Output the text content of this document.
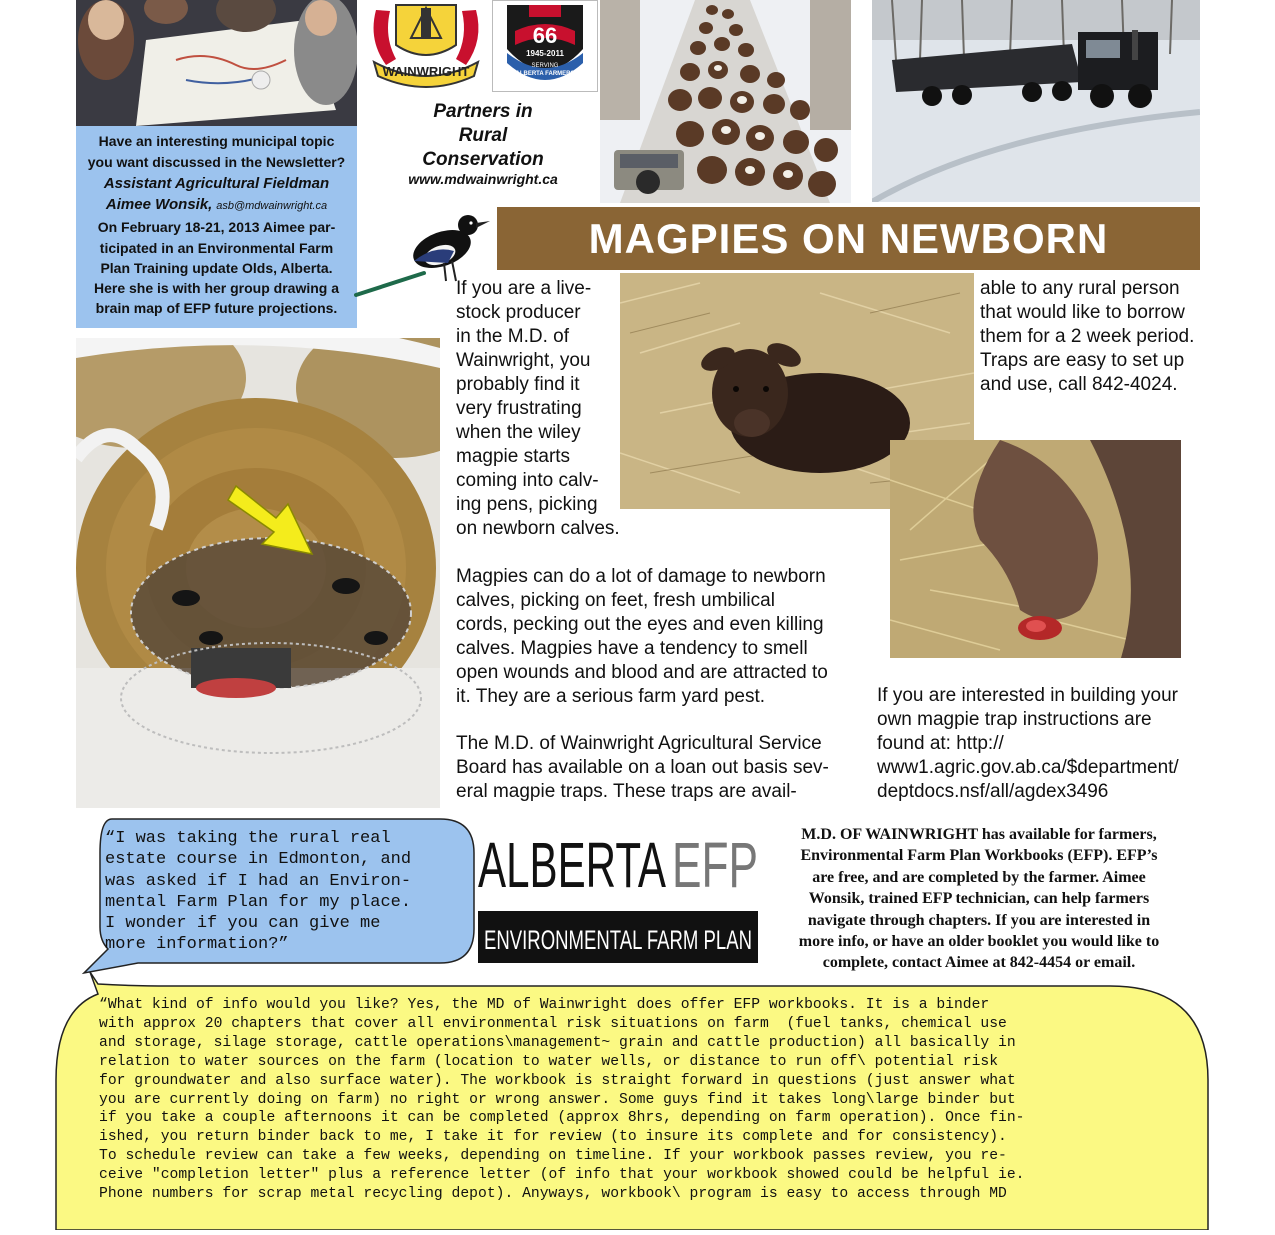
Have an interesting municipal topic
you want discussed in the Newsletter?
Assistant Agricultural Fieldman
Aimee Wonsik, asb@mdwainwright.ca
On February 18-21, 2013 Aimee par-
ticipated in an Environmental Farm
Plan Training update Olds, Alberta.
Here she is with her group drawing a
brain map of EFP future projections.
WAINWRIGHT
66
1945-2011
SERVING
ALBERTA FARMERS
Partners in
Rural
Conservation
www.mdwainwright.ca
MAGPIES ON NEWBORN
If you are a live-
stock producer
in the M.D. of
Wainwright, you
probably find it
very frustrating
when the wiley
magpie starts
coming into calv-
ing pens, picking
on newborn calves.
able to any rural person
that would like to borrow
them for a 2 week period.
Traps are easy to set up
and use, call 842-4024.
Magpies can do a lot of damage to newborn
calves, picking on feet, fresh umbilical
cords, pecking out the eyes and even killing
calves. Magpies have a tendency to smell
open wounds and blood and are attracted to
it. They are a serious farm yard pest.
The M.D. of Wainwright Agricultural Service
Board has available on a loan out basis sev-
eral magpie traps. These traps are avail-
If you are interested in building your
own magpie trap instructions are
found at: http://
www1.agric.gov.ab.ca/$department/
deptdocs.nsf/all/agdex3496
“I was taking the rural real
estate course in Edmonton, and
was asked if I had an Environ-
mental Farm Plan for my place.
I wonder if you can give me
more information?”
ALBERTA EFP
ENVIRONMENTAL FARM PLAN
M.D. OF WAINWRIGHT has available for farmers,
Environmental Farm Plan Workbooks (EFP). EFP’s
are free, and are completed by the farmer. Aimee
Wonsik, trained EFP technician, can help farmers
navigate through chapters. If you are interested in
more info, or have an older booklet you would like to
complete, contact Aimee at 842-4454 or email.
“What kind of info would you like? Yes, the MD of Wainwright does offer EFP workbooks. It is a binder
with approx 20 chapters that cover all environmental risk situations on farm  (fuel tanks, chemical use
and storage, silage storage, cattle operations\management~ grain and cattle production) all basically in
relation to water sources on the farm (location to water wells, or distance to run off\ potential risk
for groundwater and also surface water). The workbook is straight forward in questions (just answer what
you are currently doing on farm) no right or wrong answer. Some guys find it takes long\large binder but
if you take a couple afternoons it can be completed (approx 8hrs, depending on farm operation). Once fin-
ished, you return binder back to me, I take it for review (to insure its complete and for consistency).
To schedule review can take a few weeks, depending on timeline. If your workbook passes review, you re-
ceive "completion letter" plus a reference letter (of info that your workbook showed could be helpful ie.
Phone numbers for scrap metal recycling depot). Anyways, workbook\ program is easy to access through MD
